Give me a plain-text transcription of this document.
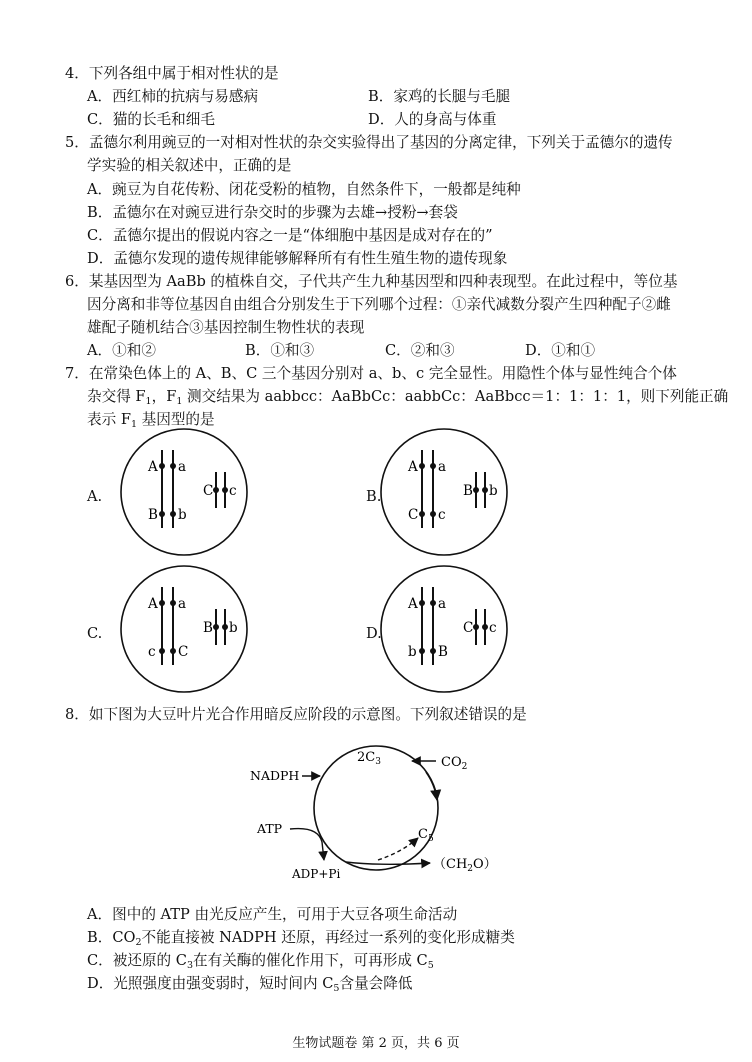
4．下列各组中属于相对性状的是
A．西红柿的抗病与易感病	B．家鸡的长腿与毛腿
C．猫的长毛和细毛	D．人的身高与体重
5．孟德尔利用豌豆的一对相对性状的杂交实验得出了基因的分离定律，下列关于孟德尔的遗传
学实验的相关叙述中，正确的是
A．豌豆为自花传粉、闭花受粉的植物，自然条件下，一般都是纯种
B．孟德尔在对豌豆进行杂交时的步骤为去雄→授粉→套袋
C．孟德尔提出的假说内容之一是“体细胞中基因是成对存在的”
D．孟德尔发现的遗传规律能够解释所有有性生殖生物的遗传现象
6．某基因型为 AaBb 的植株自交，子代共产生九种基因型和四种表现型。在此过程中，等位基
因分离和非等位基因自由组合分别发生于下列哪个过程：①亲代减数分裂产生四种配子②雌
雄配子随机结合③基因控制生物性状的表现
A．①和②	B．①和③	C．②和③	D．①和①
7．在常染色体上的 A、B、C 三个基因分别对 a、b、c 完全显性。用隐性个体与显性纯合个体
杂交得 $F_1$，$F_1$ 测交结果为 aabbcc：AaBbCc：aabbCc：AaBbcc＝1：1：1：1，则下列能正确
表示 $F_1$ 基因型的是
A.
A a
B b
C c	B.
A a
C c
B b
C.
A a
c C
B b	D.
A a
b B
C c
8．如下图为大豆叶片光合作用暗反应阶段的示意图。下列叙述错误的是
$2C_3$	$CO_2$
NADPH
ATP	$C_5$
ADP+Pi
$(CH_2O)$
A．图中的 ATP 由光反应产生，可用于大豆各项生命活动
B．$CO_2$不能直接被 NADPH 还原，再经过一系列的变化形成糖类
C．被还原的 $C_3$在有关酶的催化作用下，可再形成 $C_5$
D．光照强度由强变弱时，短时间内 $C_5$含量会降低
生物试题卷 第 2 页，共 6 页
